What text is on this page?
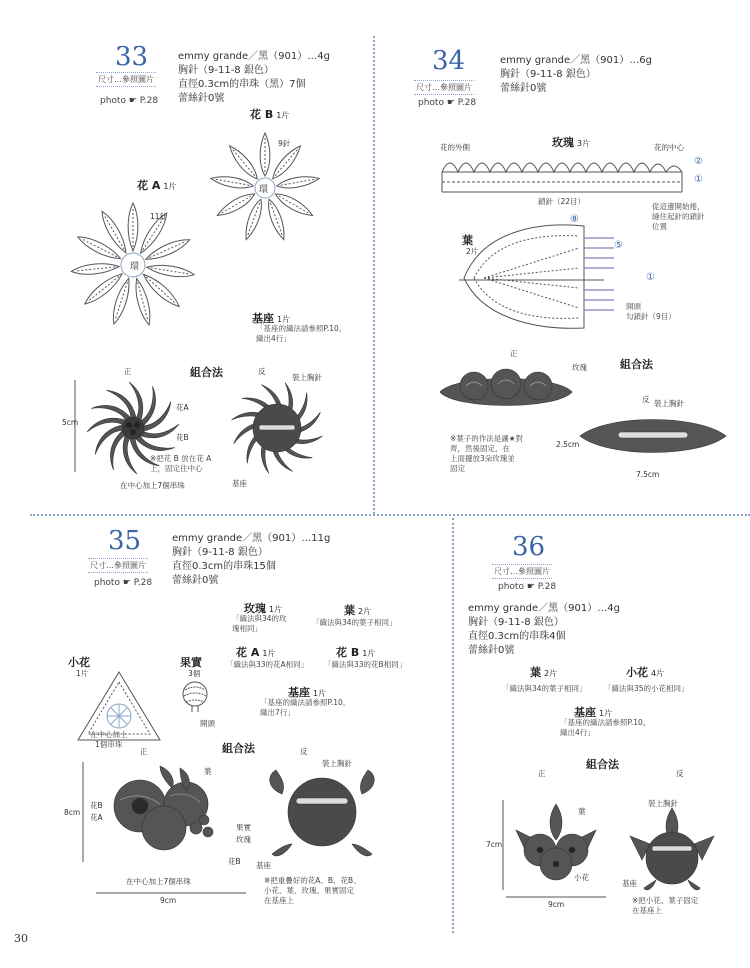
33
尺寸…參照圖片
photo ☛ P.28
emmy grande／黑（901）…4g
胸針（9-11-8 銀色）
直徑0.3cm的串珠（黑）7個
蕾絲針0號
花 B 1片
花 A 1片
環
11針
環
9針
基座 1片
「基座的織法請參照P.10。
織出4行」
組合法
正	反
裝上胸針
花A
花B
5cm
※把花 B 放在花 A
上，固定住中心
基座
在中心加上7個串珠
34
尺寸…參照圖片
photo ☛ P.28
emmy grande／黑（901）…6g
胸針（9-11-8 銀色）
蕾絲針0號
玫瑰 3片
花的外側	花的中心
②
①
鎖針（22目）
從這邊開始捲，
縫住起針的鎖針
位置
葉
2片
⑧
⑤
①
開頭
勾鎖針（9目）
組合法
正
玫瑰
※葉子的作法是讓★對
齊，然後固定，在
上面擺放3朵玫瑰並
固定
反 裝上胸針
2.5cm
7.5cm
35
尺寸…參照圖片
photo ☛ P.28
emmy grande／黑（901）…11g
胸針（9-11-8 銀色）
直徑0.3cm的串珠15個
蕾絲針0號
玫瑰 1片
「織法與34的玫
瑰相同」
葉 2片
「織法與34的葉子相同」
小花
1片
在中心加上
1個串珠
果實
3個
開頭
花 A 1片
「織法與33的花A相同」
花 B 1片
「織法與33的花B相同」
基座 1片
「基座的織法請參照P.10。
織出7行」
組合法
正	反
葉
裝上胸針
花B
花A
果實
玫瑰
花B
8cm
基座
在中心加上7個串珠
9cm
※把重疊好的花A、B、花B、
小花、葉、玫瑰、果實固定
在基座上
36
尺寸…參照圖片
photo ☛ P.28
emmy grande／黑（901）…4g
胸針（9-11-8 銀色）
直徑0.3cm的串珠4個
蕾絲針0號
葉 2片
「織法與34的葉子相同」
小花 4片
「織法與35的小花相同」
基座 1片
「基座的織法請參照P.10。
織出4行」
組合法
正	反
葉
裝上胸針
小花
7cm
9cm
基座
※把小花、葉子固定
在基座上
30
